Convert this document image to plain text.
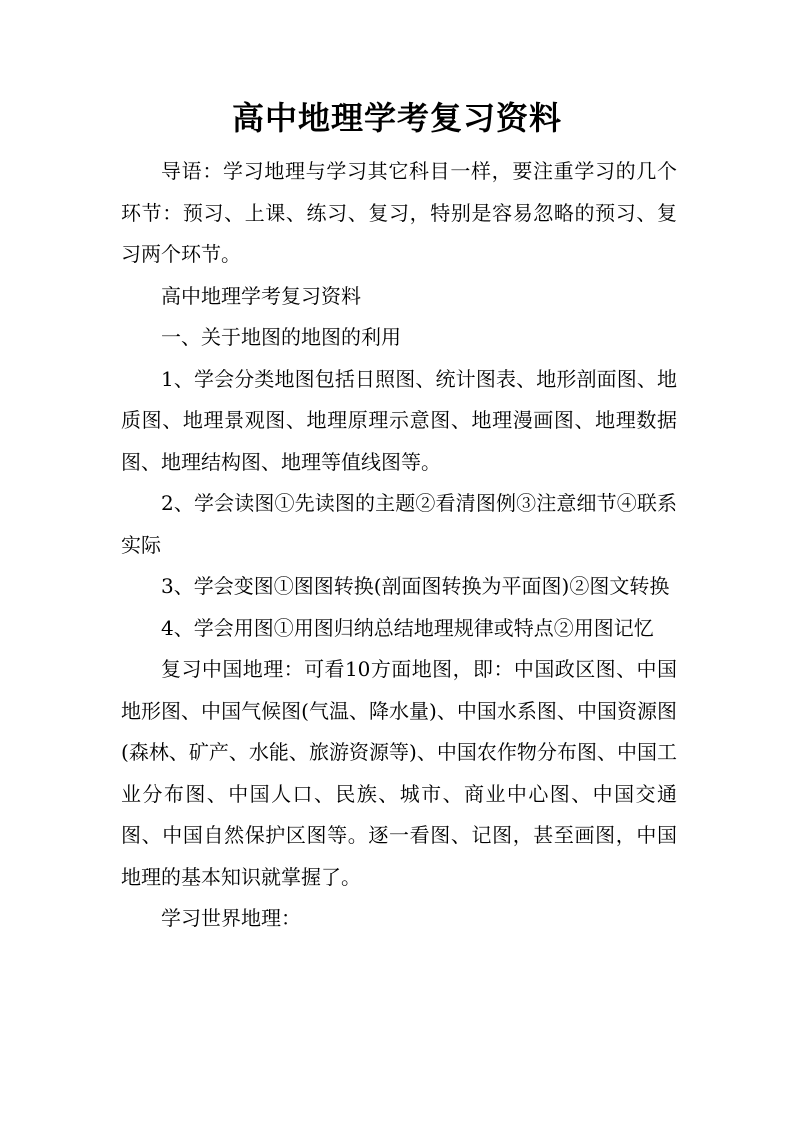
高中地理学考复习资料

导语：学习地理与学习其它科目一样，要注重学习的几个环节：预习、上课、练习、复习，特别是容易忽略的预习、复习两个环节。

高中地理学考复习资料

一、关于地图的地图的利用

1、学会分类地图包括日照图、统计图表、地形剖面图、地质图、地理景观图、地理原理示意图、地理漫画图、地理数据图、地理结构图、地理等值线图等。

2、学会读图①先读图的主题②看清图例③注意细节④联系实际

3、学会变图①图图转换(剖面图转换为平面图)②图文转换

4、学会用图①用图归纳总结地理规律或特点②用图记忆

复习中国地理：可看10方面地图，即：中国政区图、中国地形图、中国气候图(气温、降水量)、中国水系图、中国资源图(森林、矿产、水能、旅游资源等)、中国农作物分布图、中国工业分布图、中国人口、民族、城市、商业中心图、中国交通图、中国自然保护区图等。逐一看图、记图，甚至画图，中国地理的基本知识就掌握了。

学习世界地理：
